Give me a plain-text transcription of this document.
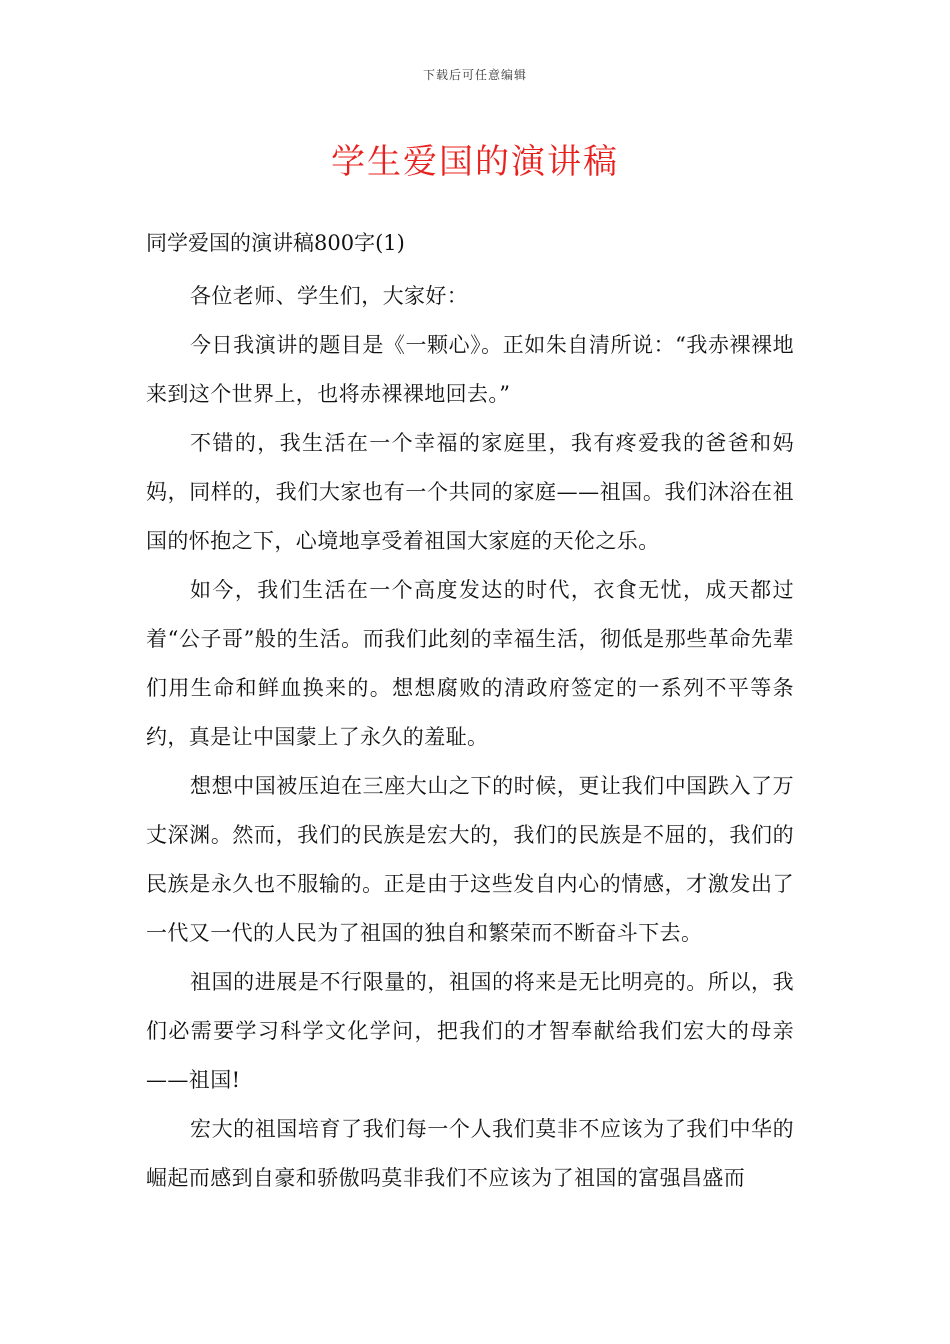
下载后可任意编辑
学生爱国的演讲稿

同学爱国的演讲稿800字(1)

各位老师、学生们，大家好：

今日我演讲的题目是《一颗心》。正如朱自清所说：“我赤裸裸地来到这个世界上，也将赤裸裸地回去。”

不错的，我生活在一个幸福的家庭里，我有疼爱我的爸爸和妈妈，同样的，我们大家也有一个共同的家庭——祖国。我们沐浴在祖国的怀抱之下，心境地享受着祖国大家庭的天伦之乐。

如今，我们生活在一个高度发达的时代，衣食无忧，成天都过着“公子哥”般的生活。而我们此刻的幸福生活，彻低是那些革命先辈们用生命和鲜血换来的。想想腐败的清政府签定的一系列不平等条约，真是让中国蒙上了永久的羞耻。

想想中国被压迫在三座大山之下的时候，更让我们中国跌入了万丈深渊。然而，我们的民族是宏大的，我们的民族是不屈的，我们的民族是永久也不服输的。正是由于这些发自内心的情感，才激发出了一代又一代的人民为了祖国的独自和繁荣而不断奋斗下去。

祖国的进展是不行限量的，祖国的将来是无比明亮的。所以，我们必需要学习科学文化学问，把我们的才智奉献给我们宏大的母亲——祖国!

宏大的祖国培育了我们每一个人我们莫非不应该为了我们中华的崛起而感到自豪和骄傲吗莫非我们不应该为了祖国的富强昌盛而
